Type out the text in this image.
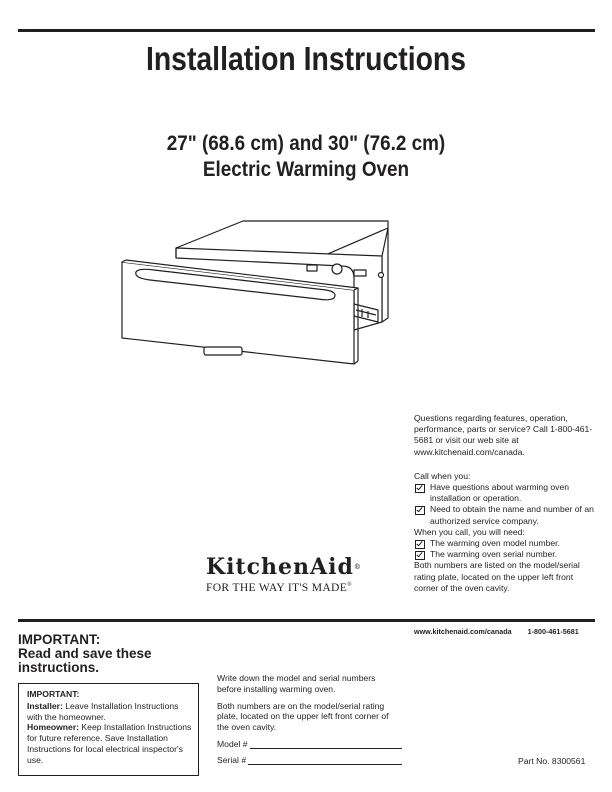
Installation Instructions
27" (68.6 cm) and 30" (76.2 cm)
Electric Warming Oven
KitchenAid®
FOR THE WAY IT'S MADE®

Questions regarding features, operation, performance, parts or service? Call 1-800-461-5681 or visit our web site at www.kitchenaid.com/canada.

Call when you:

Have questions about warming oven installation or operation.
Need to obtain the name and number of an authorized service company.

When you call, you will need:

The warming oven model number.
The warming oven serial number.

Both numbers are listed on the model/serial rating plate, located on the upper left front corner of the oven cavity.

www.kitchenaid.com/canada 1-800-461-5681
IMPORTANT:
Read and save these
instructions.
IMPORTANT:
Installer: Leave Installation Instructions with the homeowner.
Homeowner: Keep Installation Instructions for future reference. Save Installation Instructions for local electrical inspector's use.

Write down the model and serial numbers before installing warming oven.

Both numbers are on the model/serial rating plate, located on the upper left front corner of the oven cavity.

Model #
Serial #	Part No. 8300561
